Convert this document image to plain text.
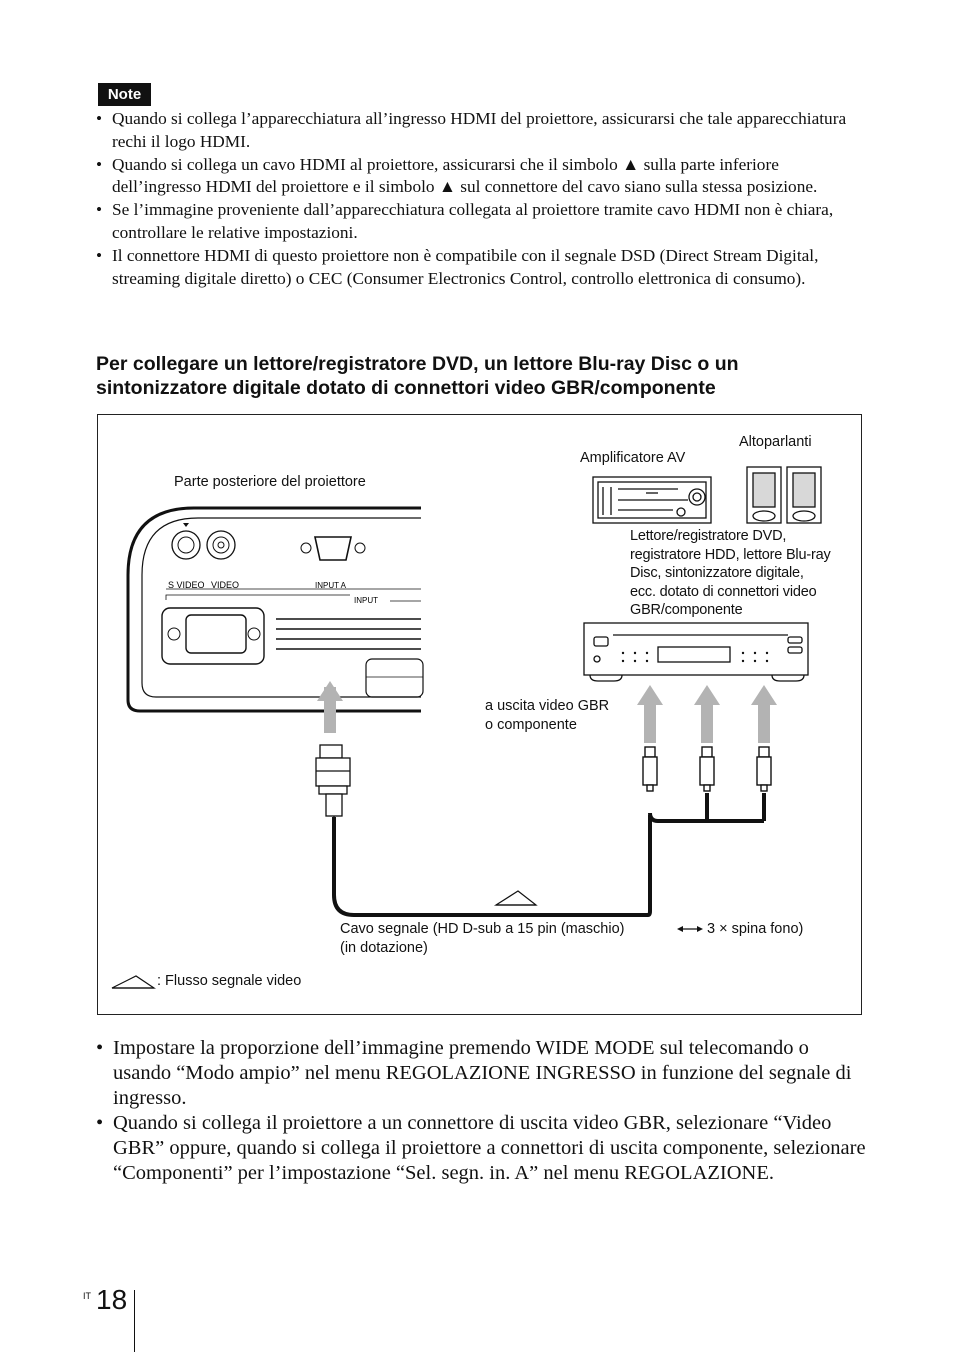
Note
• Quando si collega l’apparecchiatura all’ingresso HDMI del proiettore, assicurarsi che tale apparecchiatura rechi il logo HDMI.
• Quando si collega un cavo HDMI al proiettore, assicurarsi che il simbolo ▲ sulla parte inferiore dell’ingresso HDMI del proiettore e il simbolo ▲ sul connettore del cavo siano sulla stessa posizione.
• Se l’immagine proveniente dall’apparecchiatura collegata al proiettore tramite cavo HDMI non è chiara, controllare le relative impostazioni.
• Il connettore HDMI di questo proiettore non è compatibile con il segnale DSD (Direct Stream Digital, streaming digitale diretto) o CEC (Consumer Electronics Control, controllo elettronica di consumo).
Per collegare un lettore/registratore DVD, un lettore Blu-ray Disc o un sintonizzatore digitale dotato di connettori video GBR/componente
S VIDEO VIDEO	INPUT A
INPUT
Parte posteriore del proiettore
Amplificatore AV
Altoparlanti
Lettore/registratore DVD,
registratore HDD, lettore Blu-ray
Disc, sintonizzatore digitale,
ecc. dotato di connettori video
GBR/componente
a uscita video GBR
o componente
Cavo segnale (HD D-sub a 15 pin (maschio)	3 × spina fono)
(in dotazione)
: Flusso segnale video
• Impostare la proporzione dell’immagine premendo WIDE MODE sul telecomando o usando “Modo ampio” nel menu REGOLAZIONE INGRESSO in funzione del segnale di ingresso.
• Quando si collega il proiettore a un connettore di uscita video GBR, selezionare “Video GBR” oppure, quando si collega il proiettore a connettori di uscita componente, selezionare “Componenti” per l’impostazione “Sel. segn. in. A” nel menu REGOLAZIONE.
IT 18
